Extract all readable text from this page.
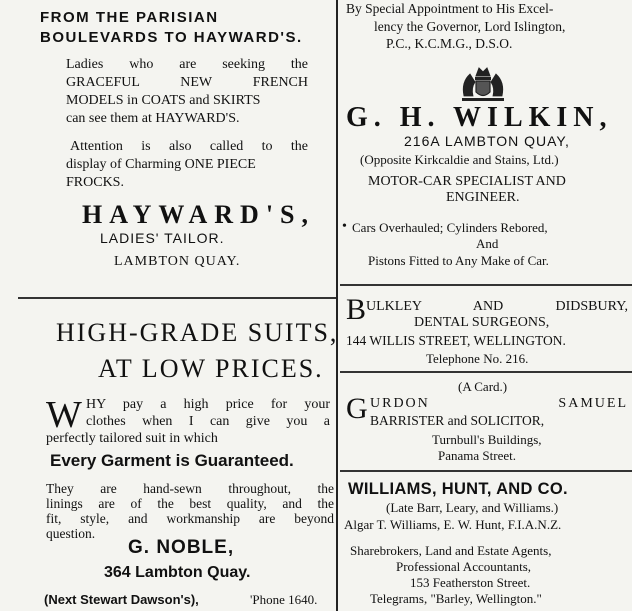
FROM THE PARISIAN
BOULEVARDS TO HAYWARD'S.
Ladies who are seeking the
GRACEFUL NEW FRENCH
MODELS in COATS and SKIRTS
can see them at HAYWARD'S.
Attention is also called to the
display of Charming ONE PIECE
FROCKS.
HAYWARD'S,
LADIES' TAILOR.
LAMBTON QUAY.
HIGH-GRADE SUITS,
AT LOW PRICES.
W HY pay a high price for your
clothes when I can give you a
perfectly tailored suit in which
Every Garment is Guaranteed.
They are hand-sewn throughout, the
linings are of the best quality, and the
fit, style, and workmanship are beyond
question.
G. NOBLE,
364 Lambton Quay.
(Next Stewart Dawson's),	'Phone 1640.
By Special Appointment to His Excel-
lency the Governor, Lord Islington,
P.C., K.C.M.G., D.S.O.
G. H. WILKIN,
216A LAMBTON QUAY,
(Opposite Kirkcaldie and Stains, Ltd.)
MOTOR-CAR SPECIALIST AND
ENGINEER.
• Cars Overhauled; Cylinders Rebored,
And
Pistons Fitted to Any Make of Car.
B ULKLEY AND DIDSBURY,
DENTAL SURGEONS,
144 WILLIS STREET, WELLINGTON.
Telephone No. 216.
(A Card.)
G URDON SAMUEL
BARRISTER and SOLICITOR,
Turnbull's Buildings,
Panama Street.
WILLIAMS, HUNT, AND CO.
(Late Barr, Leary, and Williams.)
Algar T. Williams, E. W. Hunt, F.I.A.N.Z.
Sharebrokers, Land and Estate Agents,
Professional Accountants,
153 Featherston Street.
Telegrams, "Barley, Wellington."
